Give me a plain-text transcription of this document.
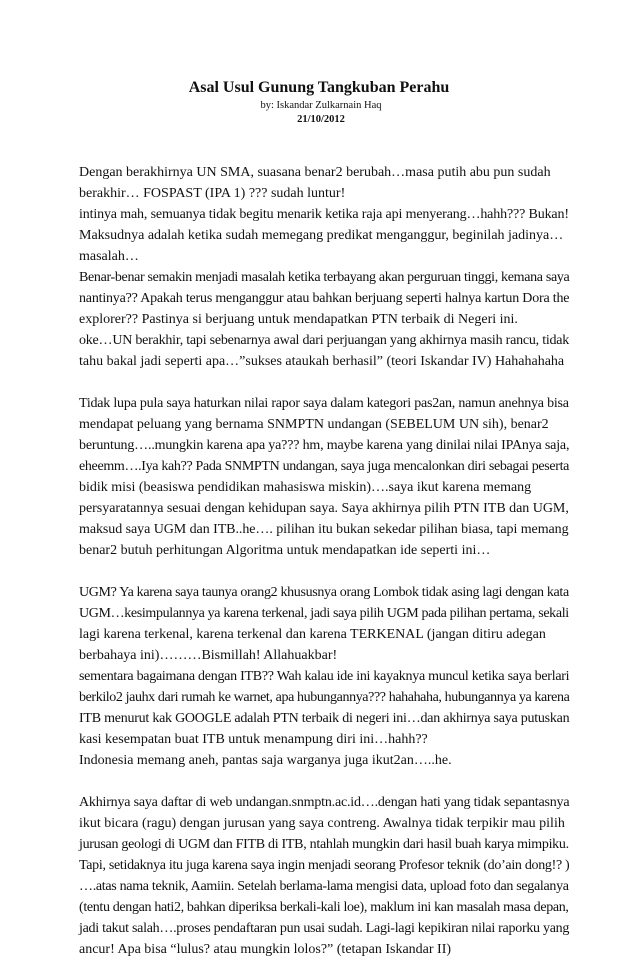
Asal Usul Gunung Tangkuban Perahu
by: Iskandar Zulkarnain Haq
21/10/2012
Dengan berakhirnya UN SMA, suasana benar2 berubah…masa putih abu pun sudah
berakhir… FOSPAST (IPA 1) ??? sudah luntur!
intinya mah, semuanya tidak begitu menarik ketika raja api menyerang…hahh??? Bukan!
Maksudnya adalah ketika sudah memegang predikat menganggur, beginilah jadinya…
masalah…
Benar-benar semakin menjadi masalah ketika terbayang akan perguruan tinggi, kemana saya
nantinya?? Apakah terus menganggur atau bahkan berjuang seperti halnya kartun Dora the
explorer?? Pastinya si berjuang untuk mendapatkan PTN terbaik di Negeri ini.
oke…UN berakhir, tapi sebenarnya awal dari perjuangan yang akhirnya masih rancu, tidak
tahu bakal jadi seperti apa…”sukses ataukah berhasil” (teori Iskandar IV) Hahahahaha
Tidak lupa pula saya haturkan nilai rapor saya dalam kategori pas2an, namun anehnya bisa
mendapat peluang yang bernama SNMPTN undangan (SEBELUM UN sih), benar2
beruntung…..mungkin karena apa ya??? hm, maybe karena yang dinilai nilai IPAnya saja,
eheemm….Iya kah?? Pada SNMPTN undangan, saya juga mencalonkan diri sebagai peserta
bidik misi (beasiswa pendidikan mahasiswa miskin)….saya ikut karena memang
persyaratannya sesuai dengan kehidupan saya. Saya akhirnya pilih PTN ITB dan UGM,
maksud saya UGM dan ITB..he…. pilihan itu bukan sekedar pilihan biasa, tapi memang
benar2 butuh perhitungan Algoritma untuk mendapatkan ide seperti ini…
UGM? Ya karena saya taunya orang2 khususnya orang Lombok tidak asing lagi dengan kata
UGM…kesimpulannya ya karena terkenal, jadi saya pilih UGM pada pilihan pertama, sekali
lagi karena terkenal, karena terkenal dan karena TERKENAL (jangan ditiru adegan
berbahaya ini)………Bismillah! Allahuakbar!
sementara bagaimana dengan ITB?? Wah kalau ide ini kayaknya muncul ketika saya berlari
berkilo2 jauhx dari rumah ke warnet, apa hubungannya??? hahahaha, hubungannya ya karena
ITB menurut kak GOOGLE adalah PTN terbaik di negeri ini…dan akhirnya saya putuskan
kasi kesempatan buat ITB untuk menampung diri ini…hahh??
Indonesia memang aneh, pantas saja warganya juga ikut2an…..he.
Akhirnya saya daftar di web undangan.snmptn.ac.id….dengan hati yang tidak sepantasnya
ikut bicara (ragu) dengan jurusan yang saya contreng. Awalnya tidak terpikir mau pilih
jurusan geologi di UGM dan FITB di ITB, ntahlah mungkin dari hasil buah karya mimpiku.
Tapi, setidaknya itu juga karena saya ingin menjadi seorang Profesor teknik (do’ain dong!? )
….atas nama teknik, Aamiin. Setelah berlama-lama mengisi data, upload foto dan segalanya
(tentu dengan hati2, bahkan diperiksa berkali-kali loe), maklum ini kan masalah masa depan,
jadi takut salah….proses pendaftaran pun usai sudah. Lagi-lagi kepikiran nilai raporku yang
ancur! Apa bisa “lulus? atau mungkin lolos?” (tetapan Iskandar II)
